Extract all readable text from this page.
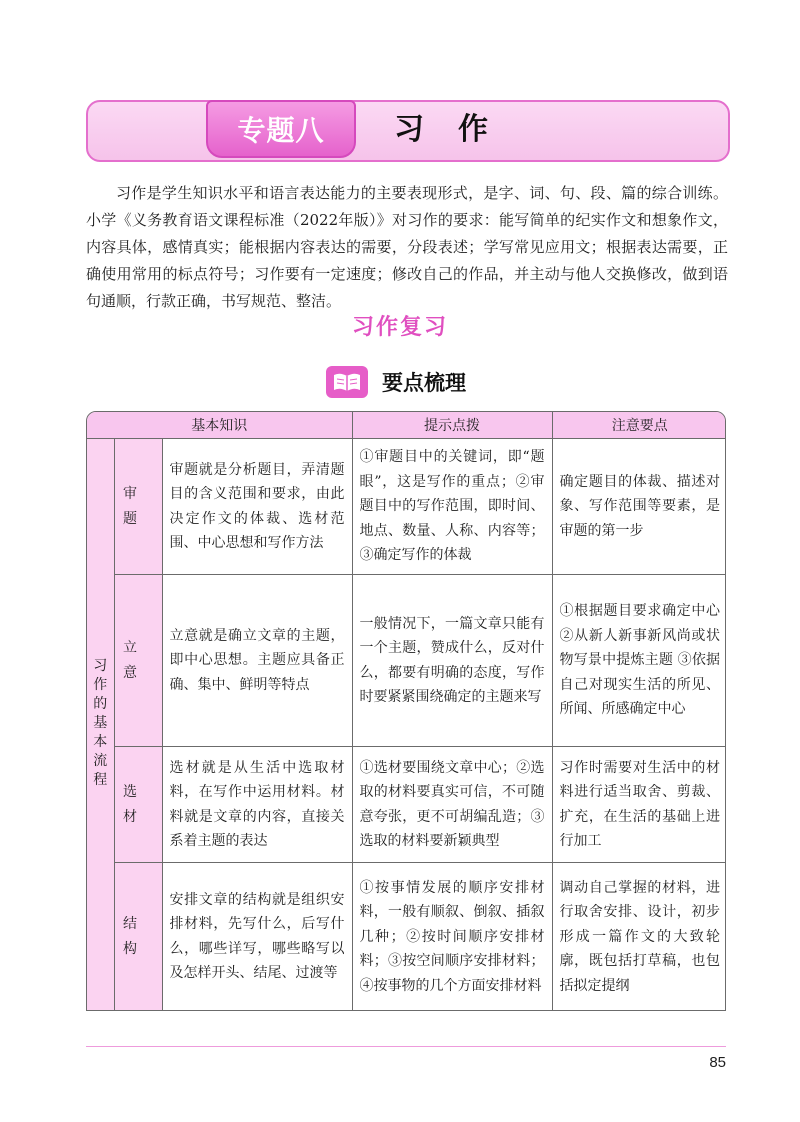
专题八	习作

习作是学生知识水平和语言表达能力的主要表现形式，是字、词、句、段、篇的综合训练。小学《义务教育语文课程标准（2022年版）》对习作的要求：能写简单的纪实作文和想象作文，内容具体，感情真实；能根据内容表达的需要，分段表述；学写常见应用文；根据表达需要，正确使用常用的标点符号；习作要有一定速度；修改自己的作品，并主动与他人交换修改，做到语句通顺，行款正确，书写规范、整洁。

习作复习
要点梳理
基本知识			提示点拨	注意要点
习作的基本流程	审题	审题就是分析题目，弄清题目的含义范围和要求，由此决定作文的体裁、选材范围、中心思想和写作方法	①审题目中的关键词，即“题眼”，这是写作的重点；②审题目中的写作范围，即时间、地点、数量、人称、内容等；③确定写作的体裁	确定题目的体裁、描述对象、写作范围等要素，是审题的第一步
	立意	立意就是确立文章的主题，即中心思想。主题应具备正确、集中、鲜明等特点	一般情况下，一篇文章只能有一个主题，赞成什么，反对什么，都要有明确的态度，写作时要紧紧围绕确定的主题来写	①根据题目要求确定中心 ②从新人新事新风尚或状物写景中提炼主题 ③依据自己对现实生活的所见、所闻、所感确定中心
	选材	选材就是从生活中选取材料，在写作中运用材料。材料就是文章的内容，直接关系着主题的表达	①选材要围绕文章中心；②选取的材料要真实可信，不可随意夸张，更不可胡编乱造；③选取的材料要新颖典型	习作时需要对生活中的材料进行适当取舍、剪裁、扩充，在生活的基础上进行加工
	结构	安排文章的结构就是组织安排材料，先写什么，后写什么，哪些详写，哪些略写以及怎样开头、结尾、过渡等	①按事情发展的顺序安排材料，一般有顺叙、倒叙、插叙几种；②按时间顺序安排材料；③按空间顺序安排材料；④按事物的几个方面安排材料	调动自己掌握的材料，进行取舍安排、设计，初步形成一篇作文的大致轮廓，既包括打草稿，也包括拟定提纲
85
